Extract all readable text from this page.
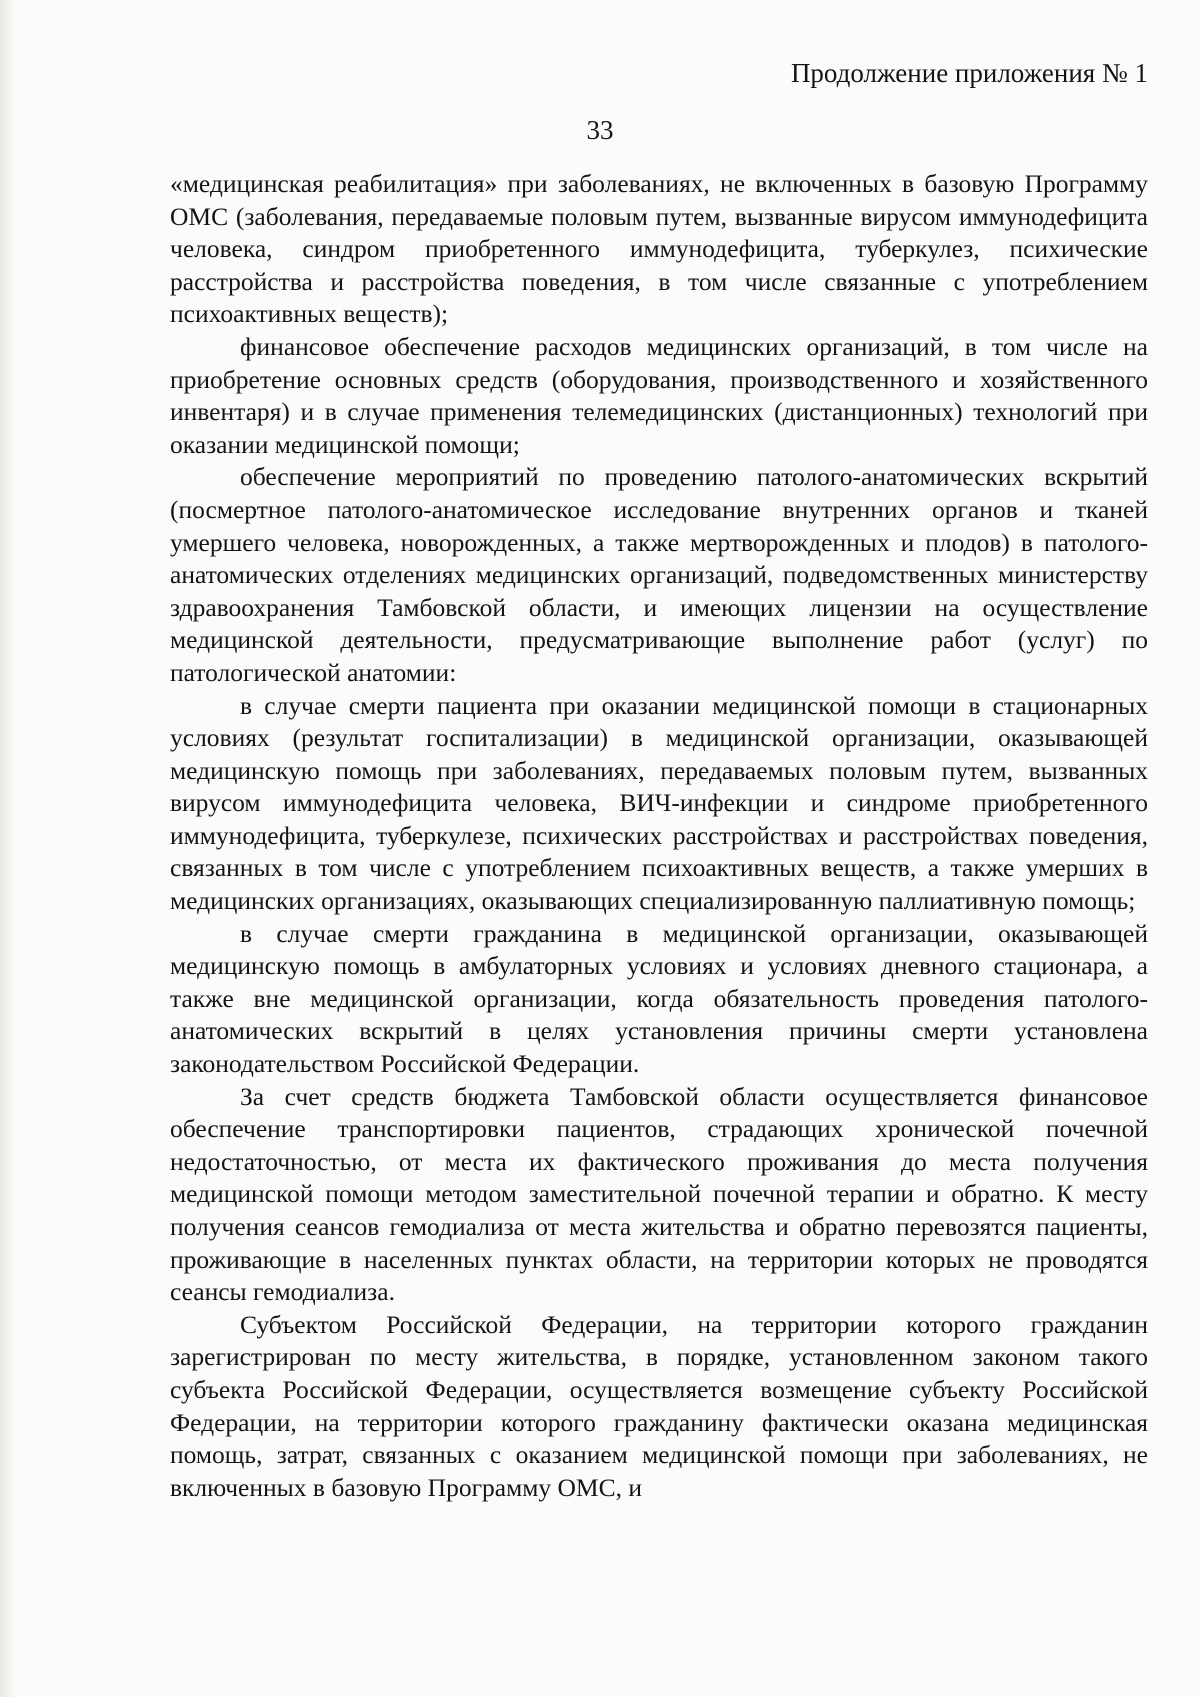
Продолжение приложения № 1
33

«медицинская реабилитация» при заболеваниях, не включенных в базовую Программу ОМС (заболевания, передаваемые половым путем, вызванные вирусом иммунодефицита человека, синдром приобретенного иммунодефицита, туберкулез, психические расстройства и расстройства поведения, в том числе связанные с употреблением психоактивных веществ);

финансовое обеспечение расходов медицинских организаций, в том числе на приобретение основных средств (оборудования, производственного и хозяйственного инвентаря) и в случае применения телемедицинских (дистанционных) технологий при оказании медицинской помощи;

обеспечение мероприятий по проведению патолого-анатомических вскрытий (посмертное патолого-анатомическое исследование внутренних органов и тканей умершего человека, новорожденных, а также мертворожденных и плодов) в патолого-анатомических отделениях медицинских организаций, подведомственных министерству здравоохранения Тамбовской области, и имеющих лицензии на осуществление медицинской деятельности, предусматривающие выполнение работ (услуг) по патологической анатомии:

в случае смерти пациента при оказании медицинской помощи в стационарных условиях (результат госпитализации) в медицинской организации, оказывающей медицинскую помощь при заболеваниях, передаваемых половым путем, вызванных вирусом иммунодефицита человека, ВИЧ-инфекции и синдроме приобретенного иммунодефицита, туберкулезе, психических расстройствах и расстройствах поведения, связанных в том числе с употреблением психоактивных веществ, а также умерших в медицинских организациях, оказывающих специализированную паллиативную помощь;

в случае смерти гражданина в медицинской организации, оказывающей медицинскую помощь в амбулаторных условиях и условиях дневного стационара, а также вне медицинской организации, когда обязательность проведения патолого-анатомических вскрытий в целях установления причины смерти установлена законодательством Российской Федерации.

За счет средств бюджета Тамбовской области осуществляется финансовое обеспечение транспортировки пациентов, страдающих хронической почечной недостаточностью, от места их фактического проживания до места получения медицинской помощи методом заместительной почечной терапии и обратно. К месту получения сеансов гемодиализа от места жительства и обратно перевозятся пациенты, проживающие в населенных пунктах области, на территории которых не проводятся сеансы гемодиализа.

Субъектом Российской Федерации, на территории которого гражданин зарегистрирован по месту жительства, в порядке, установленном законом такого субъекта Российской Федерации, осуществляется возмещение субъекту Российской Федерации, на территории которого гражданину фактически оказана медицинская помощь, затрат, связанных с оказанием медицинской помощи при заболеваниях, не включенных в базовую Программу ОМС, и
